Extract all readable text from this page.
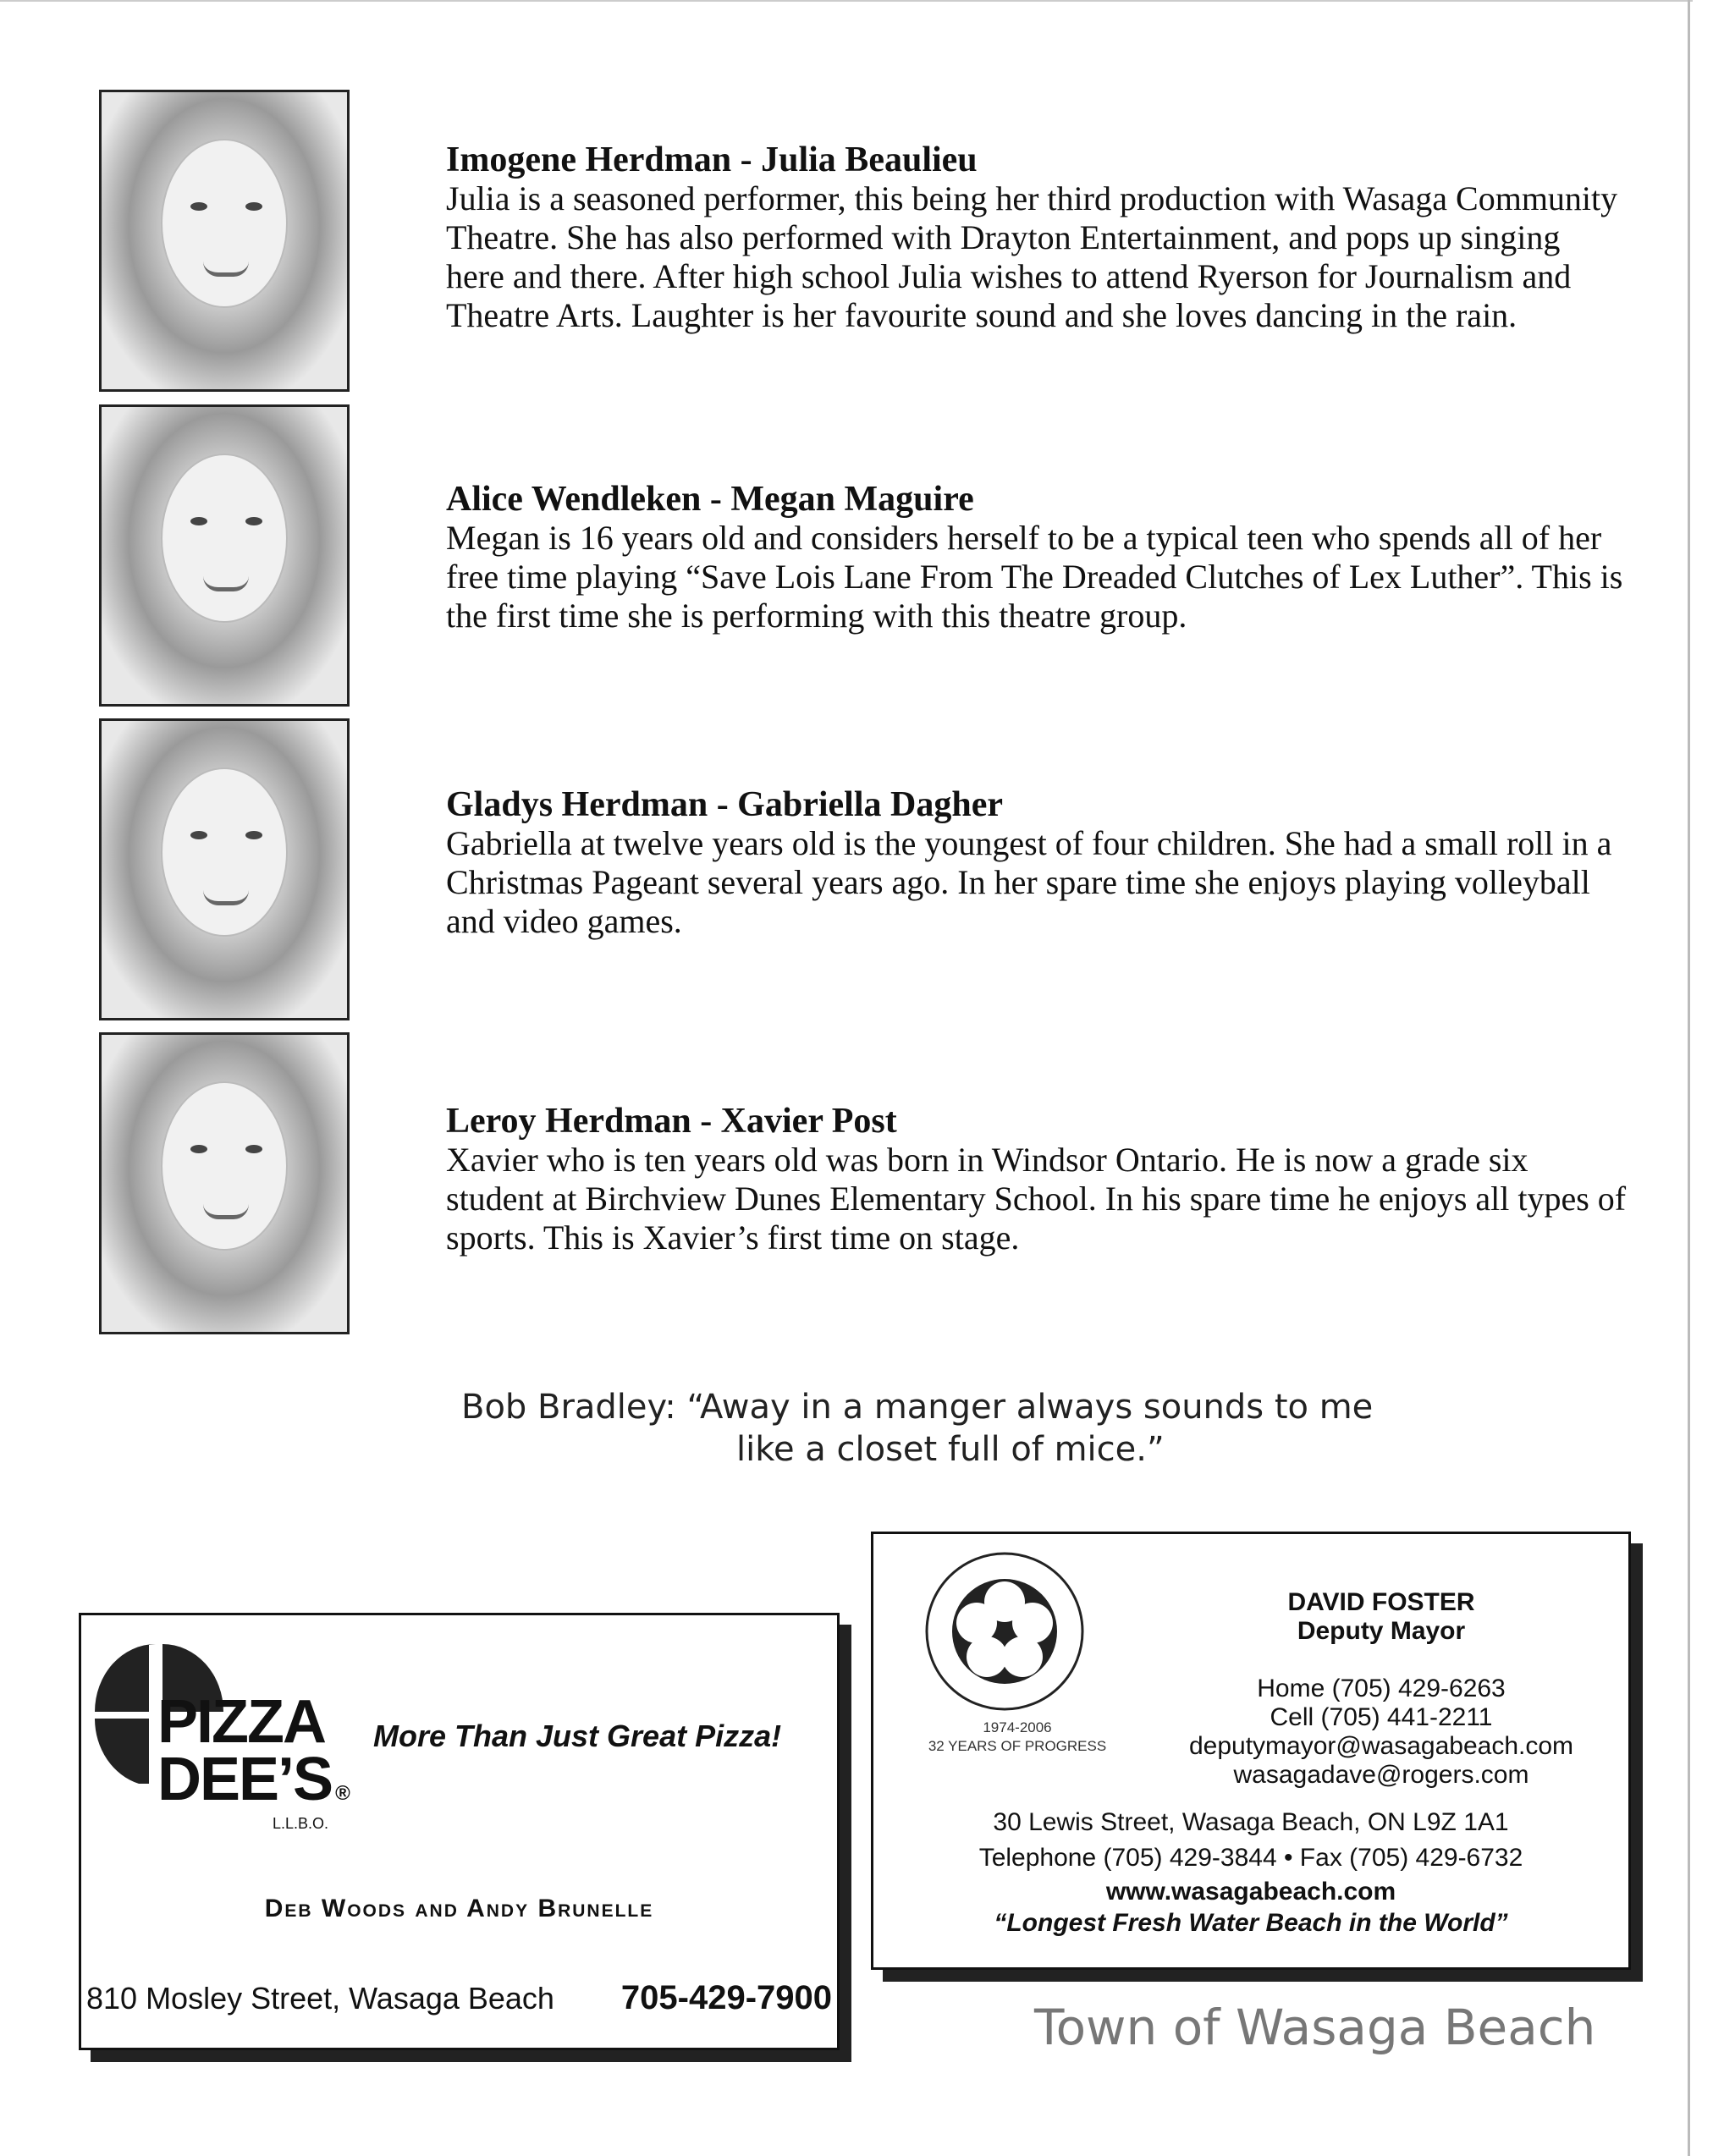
Imogene Herdman - Julia Beaulieu

Julia is a seasoned performer, this being her third production with Wasaga Community Theatre. She has also performed with Drayton Entertainment, and pops up singing here and there. After high school Julia wishes to attend Ryerson for Journalism and Theatre Arts. Laughter is her favourite sound and she loves dancing in the rain.

Alice Wendleken - Megan Maguire

Megan is 16 years old and considers herself to be a typical teen who spends all of her free time playing “Save Lois Lane From The Dreaded Clutches of Lex Luther”. This is the first time she is performing with this theatre group.

Gladys Herdman - Gabriella Dagher

Gabriella at twelve years old is the youngest of four children. She had a small roll in a Christmas Pageant several years ago. In her spare time she enjoys playing volleyball and video games.

Leroy Herdman - Xavier Post

Xavier who is ten years old was born in Windsor Ontario. He is now a grade six student at Birchview Dunes Elementary School. In his spare time he enjoys all types of sports. This is Xavier’s first time on stage.

Bob Bradley: “Away in a manger always sounds to me
like a closet full of mice.”
PIZZA
DEE’S ®
L.L.B.O.
More Than Just Great Pizza!
Deb Woods and Andy Brunelle
810 Mosley Street, Wasaga Beach 705-429-7900
1974-2006
32 YEARS OF PROGRESS
DAVID FOSTER
Deputy Mayor
Home (705) 429-6263
Cell (705) 441-2211
deputymayor@wasagabeach.com
wasagadave@rogers.com
30 Lewis Street, Wasaga Beach, ON L9Z 1A1
Telephone (705) 429-3844 • Fax (705) 429-6732
www.wasagabeach.com
“Longest Fresh Water Beach in the World”
Town of Wasaga Beach
